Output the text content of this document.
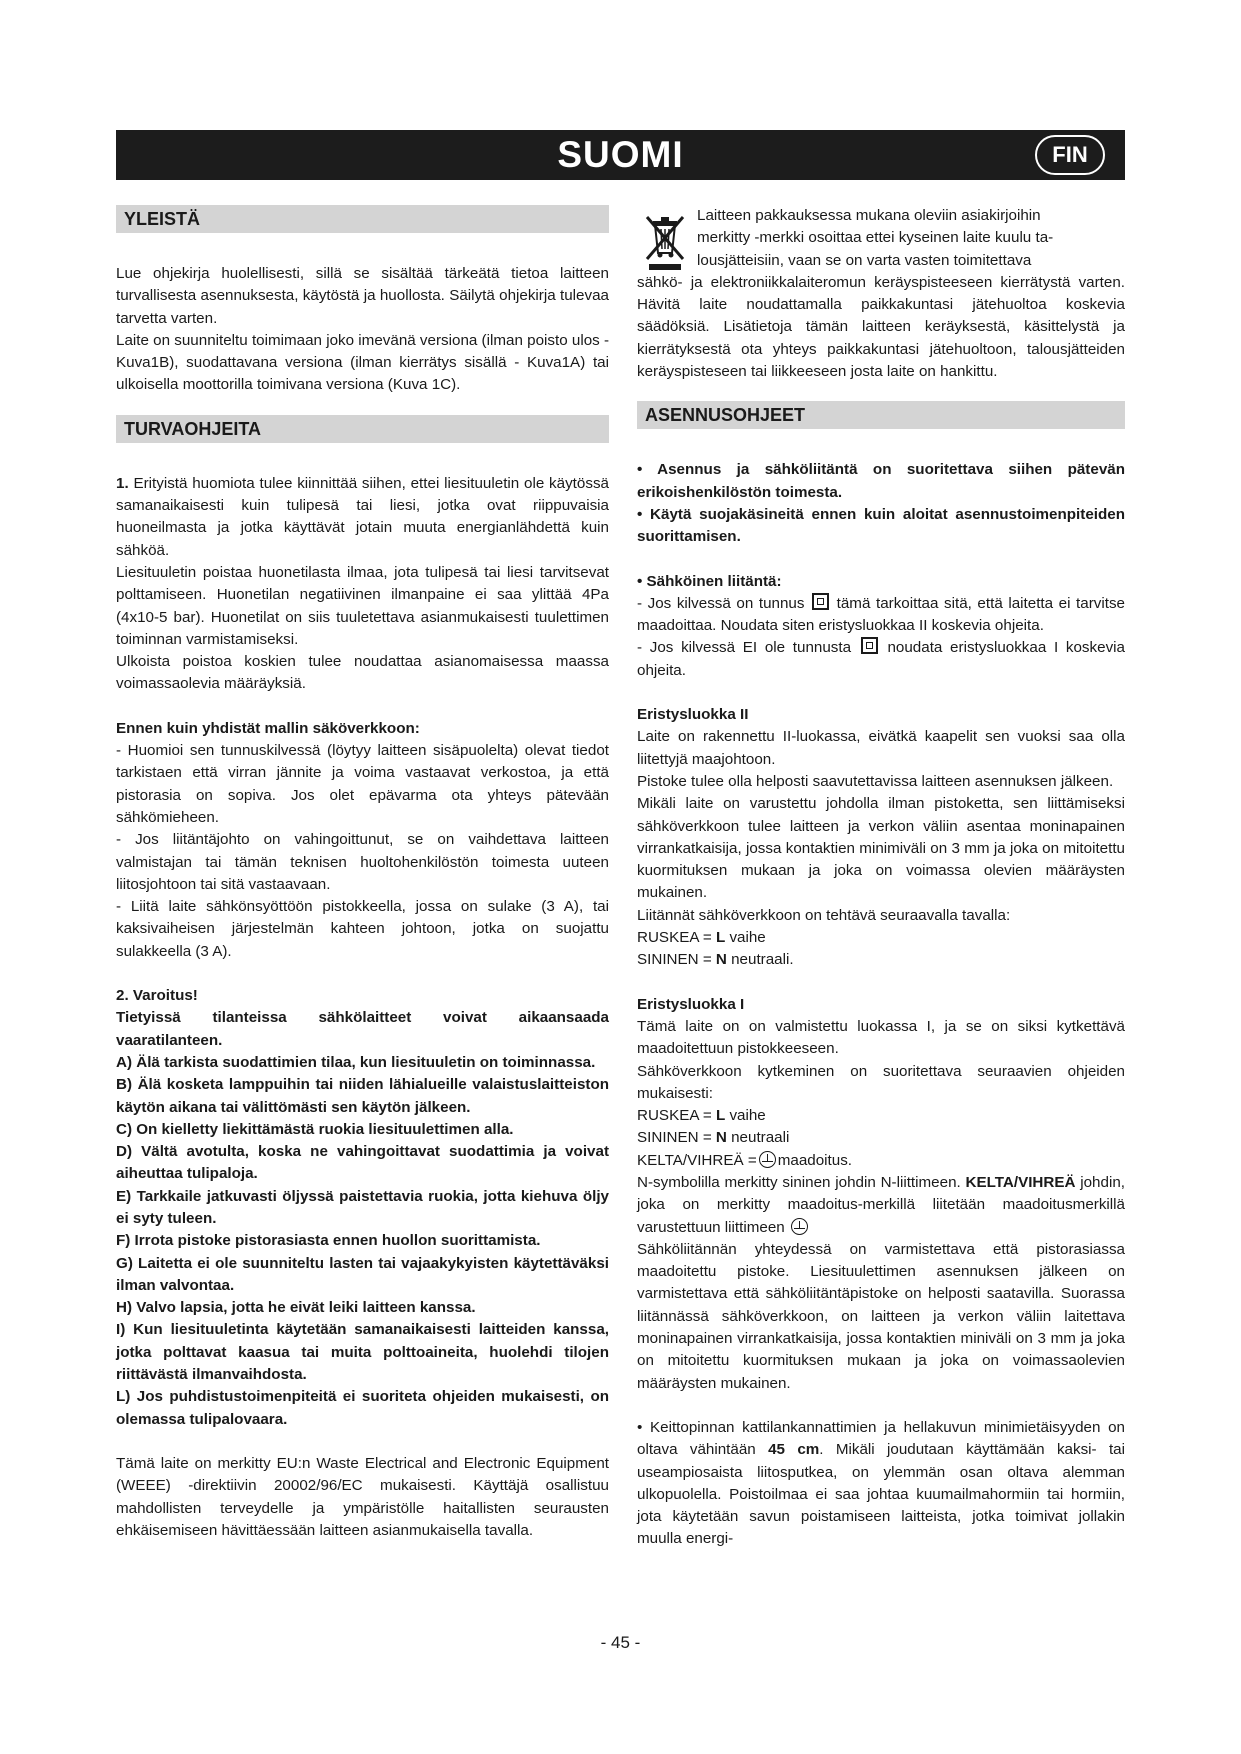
SUOMI	FIN
YLEISTÄ

Lue ohjekirja huolellisesti, sillä se sisältää tärkeätä tietoa laitteen turvallisesta asennuksesta, käytöstä ja huollosta. Säilytä ohjekirja tulevaa tarvetta varten.

Laite on suunniteltu toimimaan joko imevänä versiona (ilman poisto ulos - Kuva1B), suodattavana versiona (ilman kierrätys sisällä - Kuva1A) tai ulkoisella moottorilla toimivana versiona (Kuva 1C).

TURVAOHJEITA

1. Erityistä huomiota tulee kiinnittää siihen, ettei liesituuletin ole käytössä samanaikaisesti kuin tulipesä tai liesi, jotka ovat riippuvaisia huoneilmasta ja jotka käyttävät jotain muuta energianlähdettä kuin sähköä.

Liesituuletin poistaa huonetilasta ilmaa, jota tulipesä tai liesi tarvitsevat polttamiseen. Huonetilan negatiivinen ilmanpaine ei saa ylittää 4Pa (4x10-5 bar). Huonetilat on siis tuuletettava asianmukaisesti tuulettimen toiminnan varmistamiseksi.

Ulkoista poistoa koskien tulee noudattaa asianomaisessa maassa voimassaolevia määräyksiä.

Ennen kuin yhdistät mallin säköverkkoon:

- Huomioi sen tunnuskilvessä (löytyy laitteen sisäpuolelta) olevat tiedot tarkistaen että virran jännite ja voima vastaavat verkostoa, ja että pistorasia on sopiva. Jos olet epävarma ota yhteys pätevään sähkömieheen.

- Jos liitäntäjohto on vahingoittunut, se on vaihdettava laitteen valmistajan tai tämän teknisen huoltohenkilöstön toimesta uuteen liitosjohtoon tai sitä vastaavaan.

- Liitä laite sähkönsyöttöön pistokkeella, jossa on sulake (3 A), tai kaksivaiheisen järjestelmän kahteen johtoon, jotka on suojattu sulakkeella (3 A).

2. Varoitus!

Tietyissä tilanteissa sähkölaitteet voivat aikaansaada vaaratilanteen.

A) Älä tarkista suodattimien tilaa, kun liesituuletin on toiminnassa.

B) Älä kosketa lamppuihin tai niiden lähialueille valaistuslaitteiston käytön aikana tai välittömästi sen käytön jälkeen.

C) On kielletty liekittämästä ruokia liesituulettimen alla.

D) Vältä avotulta, koska ne vahingoittavat suodattimia ja voivat aiheuttaa tulipaloja.

E) Tarkkaile jatkuvasti öljyssä paistettavia ruokia, jotta kiehuva öljy ei syty tuleen.

F) Irrota pistoke pistorasiasta ennen huollon suorittamista.

G) Laitetta ei ole suunniteltu lasten tai vajaakykyisten käytettäväksi ilman valvontaa.

H) Valvo lapsia, jotta he eivät leiki laitteen kanssa.

I) Kun liesituuletinta käytetään samanaikaisesti laitteiden kanssa, jotka polttavat kaasua tai muita polttoaineita, huolehdi tilojen riittävästä ilmanvaihdosta.

L) Jos puhdistustoimenpiteitä ei suoriteta ohjeiden mukaisesti, on olemassa tulipalovaara.

Tämä laite on merkitty EU:n Waste Electrical and Electronic Equipment (WEEE) -direktiivin 20002/96/EC mukaisesti. Käyttäjä osallistuu mahdollisten terveydelle ja ympäristölle haitallisten seurausten ehkäisemiseen hävittäessään laitteen asianmukaisella tavalla.

Laitteen pakkauksessa mukana oleviin asiakirjoihin
merkitty -merkki osoittaa ettei kyseinen laite kuulu ta-
lousjätteisiin, vaan se on varta vasten toimitettava

sähkö- ja elektroniikkalaiteromun keräyspisteeseen kierrätystä varten. Hävitä laite noudattamalla paikkakuntasi jätehuoltoa koskevia säädöksiä. Lisätietoja tämän laitteen keräyksestä, käsittelystä ja kierrätyksestä ota yhteys paikkakuntasi jätehuoltoon, talousjätteiden keräyspisteseen tai liikkeeseen josta laite on hankittu.

ASENNUSOHJEET

• Asennus ja sähköliitäntä on suoritettava siihen pätevän erikoishenkilöstön toimesta.

• Käytä suojakäsineitä ennen kuin aloitat asennustoimenpiteiden suorittamisen.

• Sähköinen liitäntä:

- Jos kilvessä on tunnus tämä tarkoittaa sitä, että laitetta ei tarvitse maadoittaa. Noudata siten eristysluokkaa II koskevia ohjeita.

- Jos kilvessä EI ole tunnusta noudata eristysluokkaa I koskevia ohjeita.

Eristysluokka II

Laite on rakennettu II-luokassa, eivätkä kaapelit sen vuoksi saa olla liitettyjä maajohtoon.

Pistoke tulee olla helposti saavutettavissa laitteen asennuksen jälkeen.

Mikäli laite on varustettu johdolla ilman pistoketta, sen liittämiseksi sähköverkkoon tulee laitteen ja verkon väliin asentaa moninapainen virrankatkaisija, jossa kontaktien minimiväli on 3 mm ja joka on mitoitettu kuormituksen mukaan ja joka on voimassa olevien määräysten mukainen.

Liitännät sähköverkkoon on tehtävä seuraavalla tavalla:

RUSKEA = L vaihe

SININEN = N neutraali.

Eristysluokka I

Tämä laite on on valmistettu luokassa I, ja se on siksi kytkettävä maadoitettuun pistokkeeseen.

Sähköverkkoon kytkeminen on suoritettava seuraavien ohjeiden mukaisesti:

RUSKEA = L vaihe

SININEN = N neutraali

KELTA/VIHREÄ = maadoitus.

N-symbolilla merkitty sininen johdin N-liittimeen. KELTA/VIHREÄ johdin, joka on merkitty maadoitus-merkillä liitetään maadoitusmerkillä varustettuun liittimeen

Sähköliitännän yhteydessä on varmistettava että pistorasiassa maadoitettu pistoke. Liesituulettimen asennuksen jälkeen on varmistettava että sähköliitäntäpistoke on helposti saatavilla. Suorassa liitännässä sähköverkkoon, on laitteen ja verkon väliin laitettava moninapainen virrankatkaisija, jossa kontaktien miniväli on 3 mm ja joka on mitoitettu kuormituksen mukaan ja joka on voimassaolevien määräysten mukainen.

• Keittopinnan kattilankannattimien ja hellakuvun minimietäisyyden on oltava vähintään 45 cm. Mikäli joudutaan käyttämään kaksi- tai useampiosaista liitosputkea, on ylemmän osan oltava alemman ulkopuolella. Poistoilmaa ei saa johtaa kuumailmahormiin tai hormiin, jota käytetään savun poistamiseen laitteista, jotka toimivat jollakin muulla energi-

- 45 -
